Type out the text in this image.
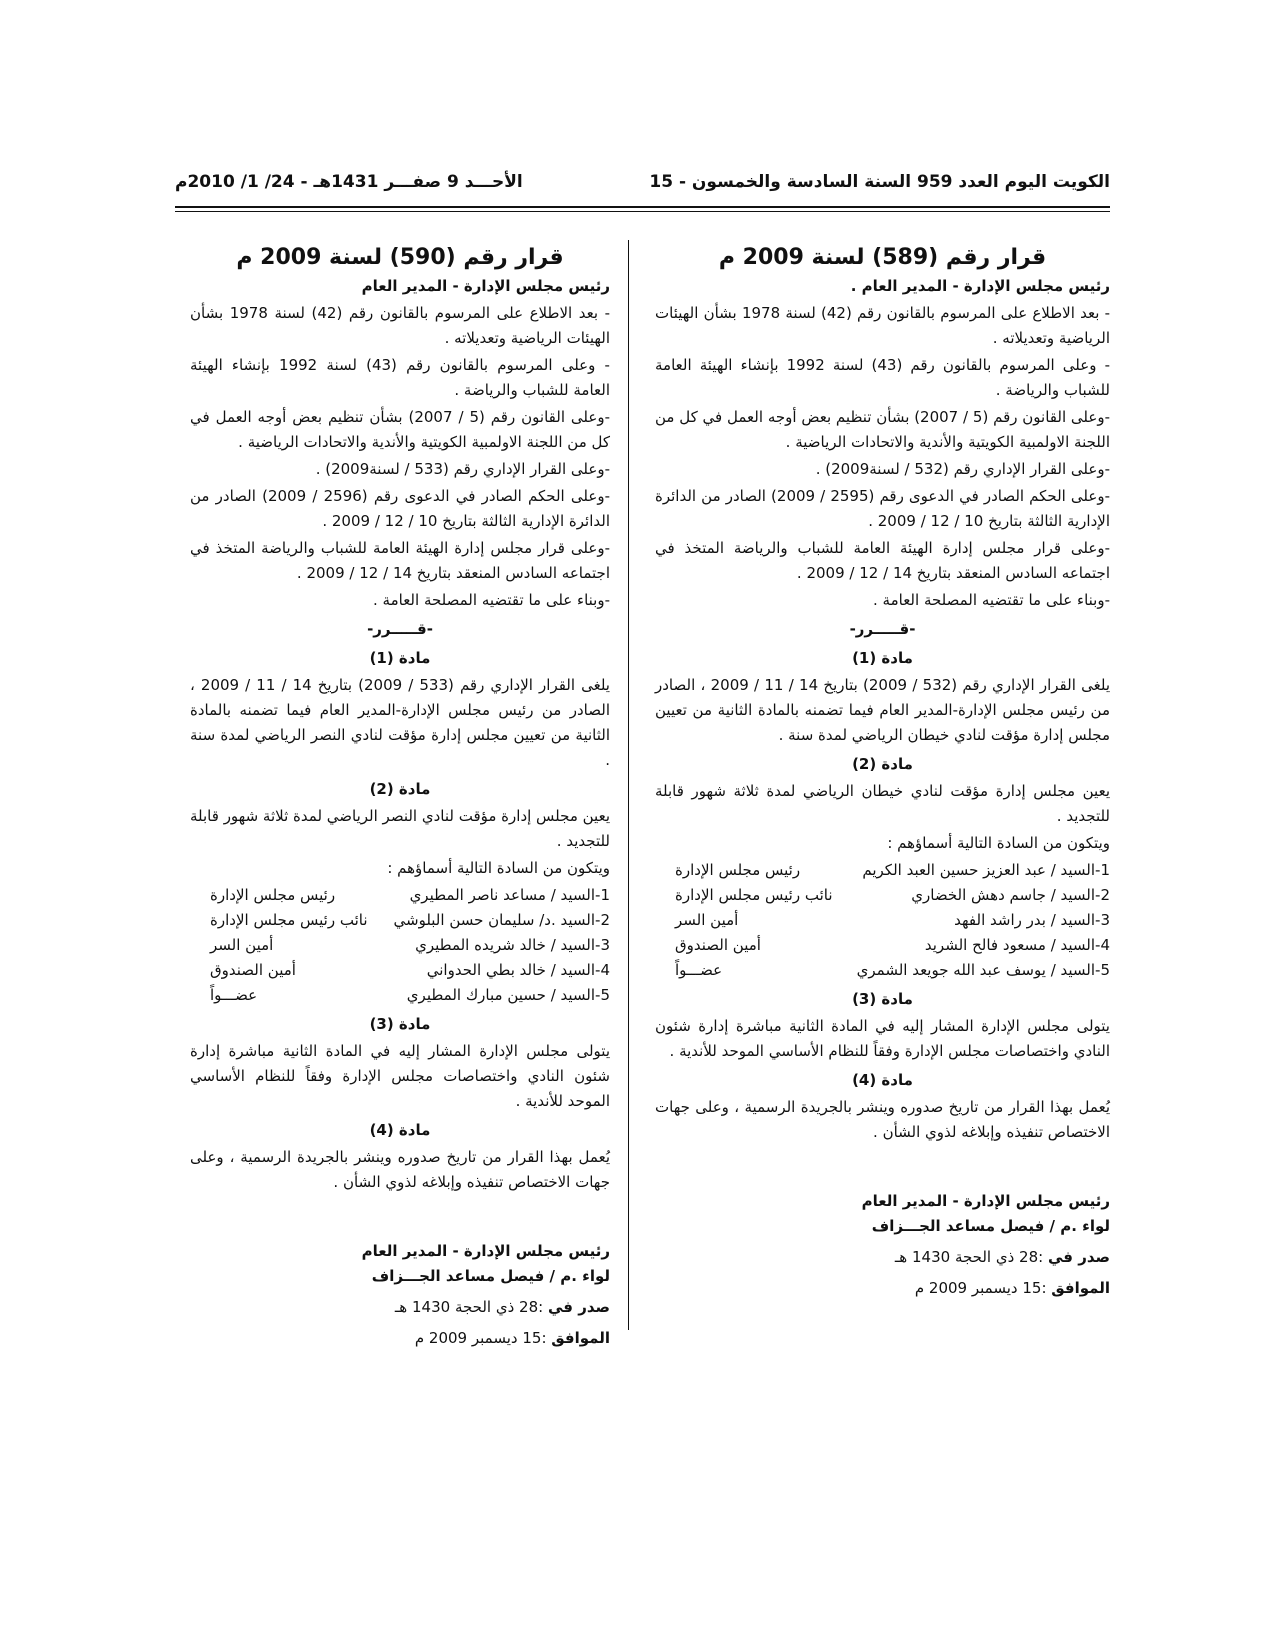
الكويت اليوم العدد 959 السنة السادسة والخمسون - 15
الأحـــد 9 صفـــر 1431هـ - 24/ 1/ 2010م
قرار رقم (589) لسنة 2009 م
رئيس مجلس الإدارة - المدير العام .
- بعد الاطلاع على المرسوم بالقانون رقم (42) لسنة 1978 بشأن الهيئات الرياضية وتعديلاته .
- وعلى المرسوم بالقانون رقم (43) لسنة 1992 بإنشاء الهيئة العامة للشباب والرياضة .
-وعلى القانون رقم (5 / 2007) بشأن تنظيم بعض أوجه العمل في كل من اللجنة الاولمبية الكويتية والأندية والاتحادات الرياضية .
-وعلى القرار الإداري رقم (532 / لسنة2009) .
-وعلى الحكم الصادر في الدعوى رقم (2595 / 2009) الصادر من الدائرة الإدارية الثالثة بتاريخ 10 / 12 / 2009 .
-وعلى قرار مجلس إدارة الهيئة العامة للشباب والرياضة المتخذ في اجتماعه السادس المنعقد بتاريخ 14 / 12 / 2009 .
-وبناء على ما تقتضيه المصلحة العامة .
-قـــــرر-
مادة (1)
يلغى القرار الإداري رقم (532 / 2009) بتاريخ 14 / 11 / 2009 ، الصادر من رئيس مجلس الإدارة-المدير العام فيما تضمنه بالمادة الثانية من تعيين مجلس إدارة مؤقت لنادي خيطان الرياضي لمدة سنة .
مادة (2)
يعين مجلس إدارة مؤقت لنادي خيطان الرياضي لمدة ثلاثة شهور قابلة للتجديد .
ويتكون من السادة التالية أسماؤهم :
1-السيد / عبد العزيز حسين العبد الكريم
رئيس مجلس الإدارة
2-السيد / جاسم دهش الخضاري
نائب رئيس مجلس الإدارة
3-السيد / بدر راشد الفهد
أمين السر
4-السيد / مسعود فالح الشريد
أمين الصندوق
5-السيد / يوسف عبد الله جويعد الشمري
عضـــواً
مادة (3)
يتولى مجلس الإدارة المشار إليه في المادة الثانية مباشرة إدارة شئون النادي واختصاصات مجلس الإدارة وفقاً للنظام الأساسي الموحد للأندية .
مادة (4)
يُعمل بهذا القرار من تاريخ صدوره وينشر بالجريدة الرسمية ، وعلى جهات الاختصاص تنفيذه وإبلاغه لذوي الشأن .
رئيس مجلس الإدارة - المدير العام
لواء .م / فيصل مساعد الجـــزاف
صدر في :28 ذي الحجة 1430 هـ
الموافق :15 ديسمبر 2009 م
قرار رقم (590) لسنة 2009 م
رئيس مجلس الإدارة - المدير العام
- بعد الاطلاع على المرسوم بالقانون رقم (42) لسنة 1978 بشأن الهيئات الرياضية وتعديلاته .
- وعلى المرسوم بالقانون رقم (43) لسنة 1992 بإنشاء الهيئة العامة للشباب والرياضة .
-وعلى القانون رقم (5 / 2007) بشأن تنظيم بعض أوجه العمل في كل من اللجنة الاولمبية الكويتية والأندية والاتحادات الرياضية .
-وعلى القرار الإداري رقم (533 / لسنة2009) .
-وعلى الحكم الصادر في الدعوى رقم (2596 / 2009) الصادر من الدائرة الإدارية الثالثة بتاريخ 10 / 12 / 2009 .
-وعلى قرار مجلس إدارة الهيئة العامة للشباب والرياضة المتخذ في اجتماعه السادس المنعقد بتاريخ 14 / 12 / 2009 .
-وبناء على ما تقتضيه المصلحة العامة .
-قـــــرر-
مادة (1)
يلغى القرار الإداري رقم (533 / 2009) بتاريخ 14 / 11 / 2009 ، الصادر من رئيس مجلس الإدارة-المدير العام فيما تضمنه بالمادة الثانية من تعيين مجلس إدارة مؤقت لنادي النصر الرياضي لمدة سنة .
مادة (2)
يعين مجلس إدارة مؤقت لنادي النصر الرياضي لمدة ثلاثة شهور قابلة للتجديد .
ويتكون من السادة التالية أسماؤهم :
1-السيد / مساعد ناصر المطيري
رئيس مجلس الإدارة
2-السيد .د/ سليمان حسن البلوشي
نائب رئيس مجلس الإدارة
3-السيد / خالد شريده المطيري
أمين السر
4-السيد / خالد بطي الحدواني
أمين الصندوق
5-السيد / حسين مبارك المطيري
عضـــواً
مادة (3)
يتولى مجلس الإدارة المشار إليه في المادة الثانية مباشرة إدارة شئون النادي واختصاصات مجلس الإدارة وفقاً للنظام الأساسي الموحد للأندية .
مادة (4)
يُعمل بهذا القرار من تاريخ صدوره وينشر بالجريدة الرسمية ، وعلى جهات الاختصاص تنفيذه وإبلاغه لذوي الشأن .
رئيس مجلس الإدارة - المدير العام
لواء .م / فيصل مساعد الجـــزاف
صدر في :28 ذي الحجة 1430 هـ
الموافق :15 ديسمبر 2009 م
